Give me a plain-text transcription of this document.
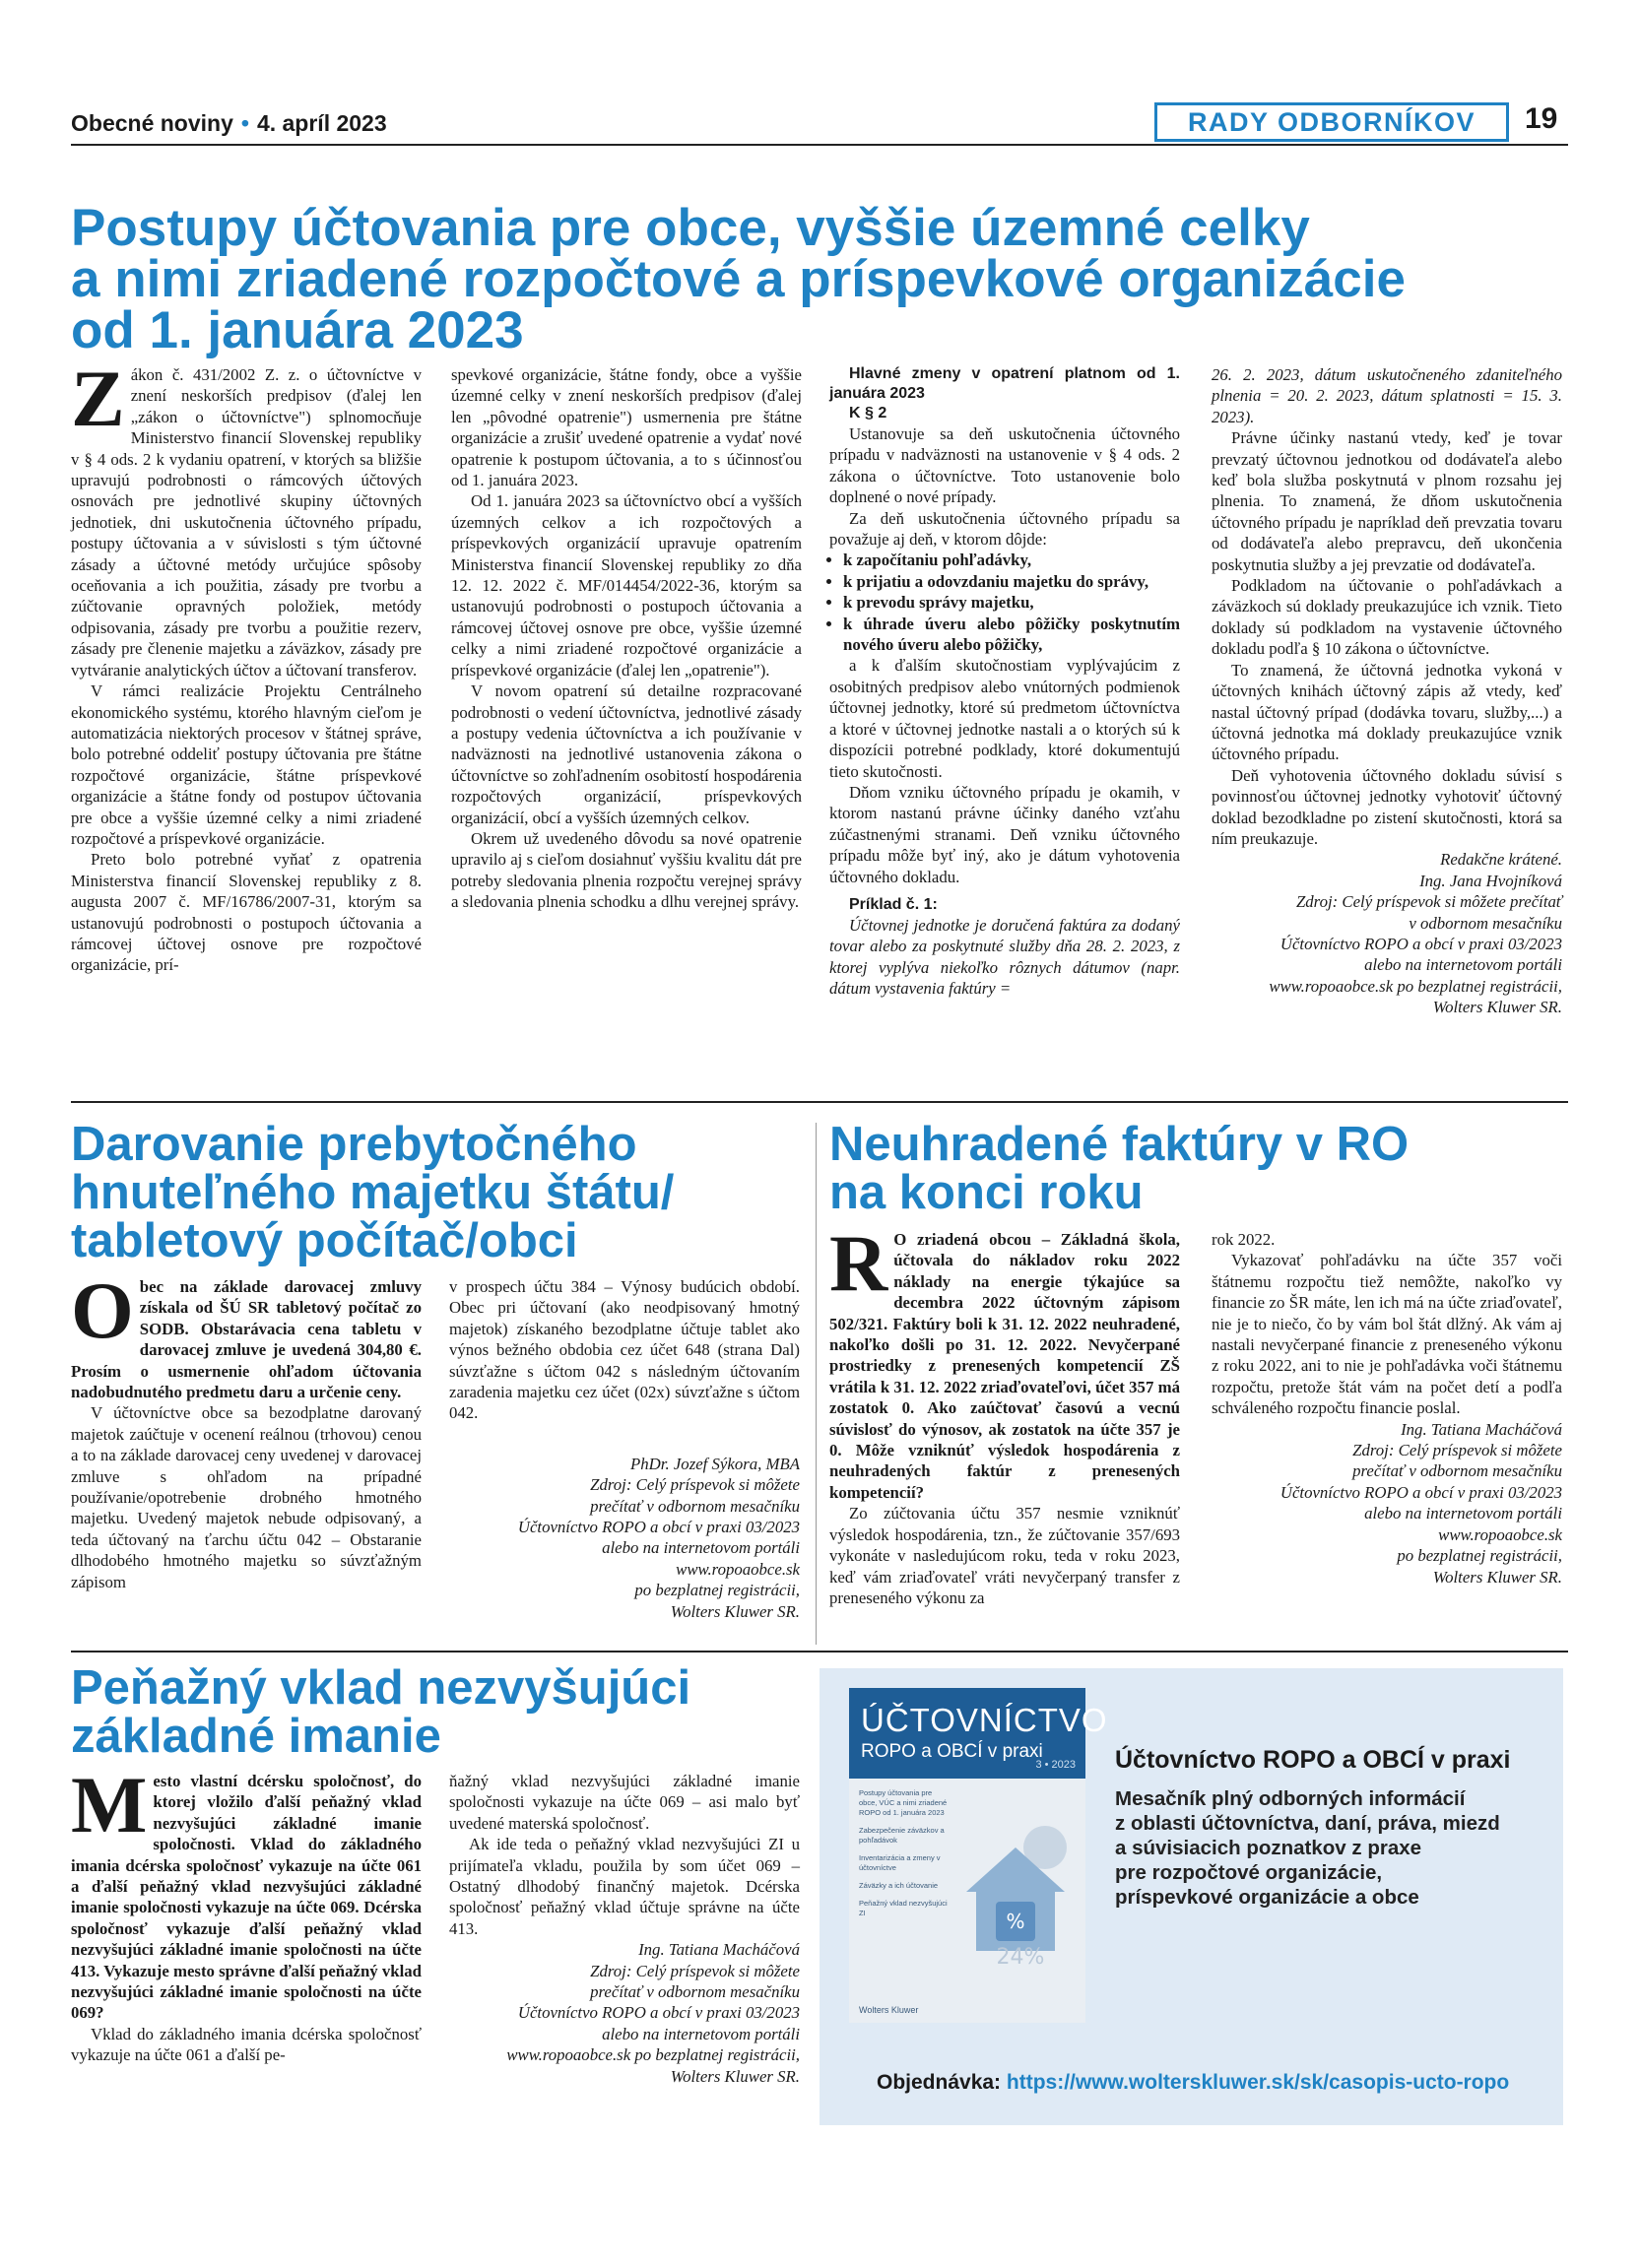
Obecné noviny • 4. apríl 2023	RADY ODBORNÍKOV	19
Postupy účtovania pre obce, vyššie územné celky
a nimi zriadené rozpočtové a príspevkové organizácie
od 1. januára 2023

Zákon č. 431/2002 Z. z. o účtovníctve v znení neskorších predpisov (ďalej len „zákon o účtovníctve") splnomocňuje Ministerstvo financií Slovenskej republiky v § 4 ods. 2 k vydaniu opatrení, v ktorých sa bližšie upravujú podrobnosti o rámcových účtových osnovách pre jednotlivé skupiny účtovných jednotiek, dni uskutočnenia účtovného prípadu, postupy účtovania a v súvislosti s tým účtovné zásady a účtovné metódy určujúce spôsoby oceňovania a ich použitia, zásady pre tvorbu a zúčtovanie opravných položiek, metódy odpisovania, zásady pre tvorbu a použitie rezerv, zásady pre členenie majetku a záväzkov, zásady pre vytváranie analytických účtov a účtovaní transferov.

V rámci realizácie Projektu Centrálneho ekonomického systému, ktorého hlavným cieľom je automatizácia niektorých procesov v štátnej správe, bolo potrebné oddeliť postupy účtovania pre štátne rozpočtové organizácie, štátne príspevkové organizácie a štátne fondy od postupov účtovania pre obce a vyššie územné celky a nimi zriadené rozpočtové a príspevkové organizácie.

Preto bolo potrebné vyňať z opatrenia Ministerstva financií Slovenskej republiky z 8. augusta 2007 č. MF/16786/2007-31, ktorým sa ustanovujú podrobnosti o postupoch účtovania a rámcovej účtovej osnove pre rozpočtové organizácie, prí-

spevkové organizácie, štátne fondy, obce a vyššie územné celky v znení neskorších predpisov (ďalej len „pôvodné opatrenie") usmernenia pre štátne organizácie a zrušiť uvedené opatrenie a vydať nové opatrenie k postupom účtovania, a to s účinnosťou od 1. januára 2023.

Od 1. januára 2023 sa účtovníctvo obcí a vyšších územných celkov a ich rozpočtových a príspevkových organizácií upravuje opatrením Ministerstva financií Slovenskej republiky zo dňa 12. 12. 2022 č. MF/014454/2022-36, ktorým sa ustanovujú podrobnosti o postupoch účtovania a rámcovej účtovej osnove pre obce, vyššie územné celky a nimi zriadené rozpočtové organizácie a príspevkové organizácie (ďalej len „opatrenie").

V novom opatrení sú detailne rozpracované podrobnosti o vedení účtovníctva, jednotlivé zásady a postupy vedenia účtovníctva a ich používanie v nadväznosti na jednotlivé ustanovenia zákona o účtovníctve so zohľadnením osobitostí hospodárenia rozpočtových organizácií, príspevkových organizácií, obcí a vyšších územných celkov.

Okrem už uvedeného dôvodu sa nové opatrenie upravilo aj s cieľom dosiahnuť vyššiu kvalitu dát pre potreby sledovania plnenia rozpočtu verejnej správy a sledovania plnenia schodku a dlhu verejnej správy.

Hlavné zmeny v opatrení platnom od 1. januára 2023

K § 2

Ustanovuje sa deň uskutočnenia účtovného prípadu v nadväznosti na ustanovenie v § 4 ods. 2 zákona o účtovníctve. Toto ustanovenie bolo doplnené o nové prípady.

Za deň uskutočnenia účtovného prípadu sa považuje aj deň, v ktorom dôjde:

• k započítaniu pohľadávky,
• k prijatiu a odovzdaniu majetku do správy,
• k prevodu správy majetku,
• k úhrade úveru alebo pôžičky poskytnutím nového úveru alebo pôžičky,

a k ďalším skutočnostiam vyplývajúcim z osobitných predpisov alebo vnútorných podmienok účtovnej jednotky, ktoré sú predmetom účtovníctva a ktoré v účtovnej jednotke nastali a o ktorých sú k dispozícii potrebné podklady, ktoré dokumentujú tieto skutočnosti.

Dňom vzniku účtovného prípadu je okamih, v ktorom nastanú právne účinky daného vzťahu zúčastnenými stranami. Deň vzniku účtovného prípadu môže byť iný, ako je dátum vyhotovenia účtovného dokladu.

Príklad č. 1:

Účtovnej jednotke je doručená faktúra za dodaný tovar alebo za poskytnuté služby dňa 28. 2. 2023, z ktorej vyplýva niekoľko rôznych dátumov (napr. dátum vystavenia faktúry =

26. 2. 2023, dátum uskutočneného zdaniteľného plnenia = 20. 2. 2023, dátum splatnosti = 15. 3. 2023).

Právne účinky nastanú vtedy, keď je tovar prevzatý účtovnou jednotkou od dodávateľa alebo keď bola služba poskytnutá v plnom rozsahu jej plnenia. To znamená, že dňom uskutočnenia účtovného prípadu je napríklad deň prevzatia tovaru od dodávateľa alebo prepravcu, deň ukončenia poskytnutia služby a jej prevzatie od dodávateľa.

Podkladom na účtovanie o pohľadávkach a záväzkoch sú doklady preukazujúce ich vznik. Tieto doklady sú podkladom na vystavenie účtovného dokladu podľa § 10 zákona o účtovníctve.

To znamená, že účtovná jednotka vykoná v účtovných knihách účtovný zápis až vtedy, keď nastal účtovný prípad (dodávka tovaru, služby,...) a účtovná jednotka má doklady preukazujúce vznik účtovného prípadu.

Deň vyhotovenia účtovného dokladu súvisí s povinnosťou účtovnej jednotky vyhotoviť účtovný doklad bezodkladne po zistení skutočnosti, ktorá sa ním preukazuje.

Redakčne krátené.
Ing. Jana Hvojníková
Zdroj: Celý príspevok si môžete prečítať
v odbornom mesačníku
Účtovníctvo ROPO a obcí v praxi 03/2023
alebo na internetovom portáli
www.ropoaobce.sk po bezplatnej registrácii,
Wolters Kluwer SR.
Darovanie prebytočného
hnuteľného majetku štátu/
tabletový počítač/obci

Obec na základe darovacej zmluvy získala od ŠÚ SR tabletový počítač zo SODB. Obstarávacia cena tabletu v darovacej zmluve je uvedená 304,80 €. Prosím o usmernenie ohľadom účtovania nadobudnutého predmetu daru a určenie ceny.

V účtovníctve obce sa bezodplatne darovaný majetok zaúčtuje v ocenení reálnou (trhovou) cenou a to na základe darovacej ceny uvedenej v darovacej zmluve s ohľadom na prípadné používanie/opotrebenie drobného hmotného majetku. Uvedený majetok nebude odpisovaný, a teda účtovaný na ťarchu účtu 042 – Obstaranie dlhodobého hmotného majetku so súvzťažným zápisom

v prospech účtu 384 – Výnosy budúcich období. Obec pri účtovaní (ako neodpisovaný hmotný majetok) získaného bezodplatne účtuje tablet ako výnos bežného obdobia cez účet 648 (strana Dal) súvzťažne s účtom 042 s následným účtovaním zaradenia majetku cez účet (02x) súvzťažne s účtom 042.

PhDr. Jozef Sýkora, MBA
Zdroj: Celý príspevok si môžete
prečítať v odbornom mesačníku
Účtovníctvo ROPO a obcí v praxi 03/2023
alebo na internetovom portáli
www.ropoaobce.sk
po bezplatnej registrácii,
Wolters Kluwer SR.
Neuhradené faktúry v RO
na konci roku

R O zriadená obcou – Základná škola, účtovala do nákladov roku 2022 náklady na energie týkajúce sa decembra 2022 účtovným zápisom 502/321. Faktúry boli k 31. 12. 2022 neuhradené, nakoľko došli po 31. 12. 2022. Nevyčerpané prostriedky z prenesených kompetencií ZŠ vrátila k 31. 12. 2022 zriaďovateľovi, účet 357 má zostatok 0. Ako zaúčtovať časovú a vecnú súvislosť do výnosov, ak zostatok na účte 357 je 0. Môže vzniknúť výsledok hospodárenia z neuhradených faktúr z prenesených kompetencií?

Zo zúčtovania účtu 357 nesmie vzniknúť výsledok hospodárenia, tzn., že zúčtovanie 357/693 vykonáte v nasledujúcom roku, teda v roku 2023, keď vám zriaďovateľ vráti nevyčerpaný transfer z preneseného výkonu za

rok 2022.

Vykazovať pohľadávku na účte 357 voči štátnemu rozpočtu tiež nemôžte, nakoľko vy financie zo ŠR máte, len ich má na účte zriaďovateľ, nie je to niečo, čo by vám bol štát dlžný. Ak vám aj nastali nevyčerpané financie z preneseného výkonu z roku 2022, ani to nie je pohľadávka voči štátnemu rozpočtu, pretože štát vám na počet detí a podľa schváleného rozpočtu financie poslal.

Ing. Tatiana Macháčová
Zdroj: Celý príspevok si môžete
prečítať v odbornom mesačníku
Účtovníctvo ROPO a obcí v praxi 03/2023
alebo na internetovom portáli
www.ropoaobce.sk
po bezplatnej registrácii,
Wolters Kluwer SR.
Peňažný vklad nezvyšujúci
základné imanie

Mesto vlastní dcérsku spoločnosť, do ktorej vložilo ďalší peňažný vklad nezvyšujúci základné imanie spoločnosti. Vklad do základného imania dcérska spoločnosť vykazuje na účte 061 a ďalší peňažný vklad nezvyšujúci základné imanie spoločnosti vykazuje na účte 069. Dcérska spoločnosť vykazuje ďalší peňažný vklad nezvyšujúci základné imanie spoločnosti na účte 413. Vykazuje mesto správne ďalší peňažný vklad nezvyšujúci základné imanie spoločnosti na účte 069?

Vklad do základného imania dcérska spoločnosť vykazuje na účte 061 a ďalší pe-

ňažný vklad nezvyšujúci základné imanie spoločnosti vykazuje na účte 069 – asi malo byť uvedené materská spoločnosť.

Ak ide teda o peňažný vklad nezvyšujúci ZI u prijímateľa vkladu, použila by som účet 069 – Ostatný dlhodobý finančný majetok. Dcérska spoločnosť peňažný vklad účtuje správne na účte 413.

Ing. Tatiana Macháčová
Zdroj: Celý príspevok si môžete
prečítať v odbornom mesačníku
Účtovníctvo ROPO a obcí v praxi 03/2023
alebo na internetovom portáli
www.ropoaobce.sk po bezplatnej registrácii,
Wolters Kluwer SR.
ÚČTOVNÍCTVO
ROPO a OBCÍ v praxi
3 • 2023
Postupy účtovania pre obce, VÚC a nimi zriadené ROPO od 1. januára 2023
Zabezpečenie záväzkov a pohľadávok
Inventarizácia a zmeny v účtovníctve
Záväzky a ich účtovanie
Peňažný vklad nezvyšujúci ZI	%
24%
Wolters Kluwer
Účtovníctvo ROPO a OBCÍ v praxi
Mesačník plný odborných informácií
z oblasti účtovníctva, daní, práva, miezd
a súvisiacich poznatkov z praxe
pre rozpočtové organizácie,
príspevkové organizácie a obce
Objednávka: https://www.wolterskluwer.sk/sk/casopis-ucto-ropo
